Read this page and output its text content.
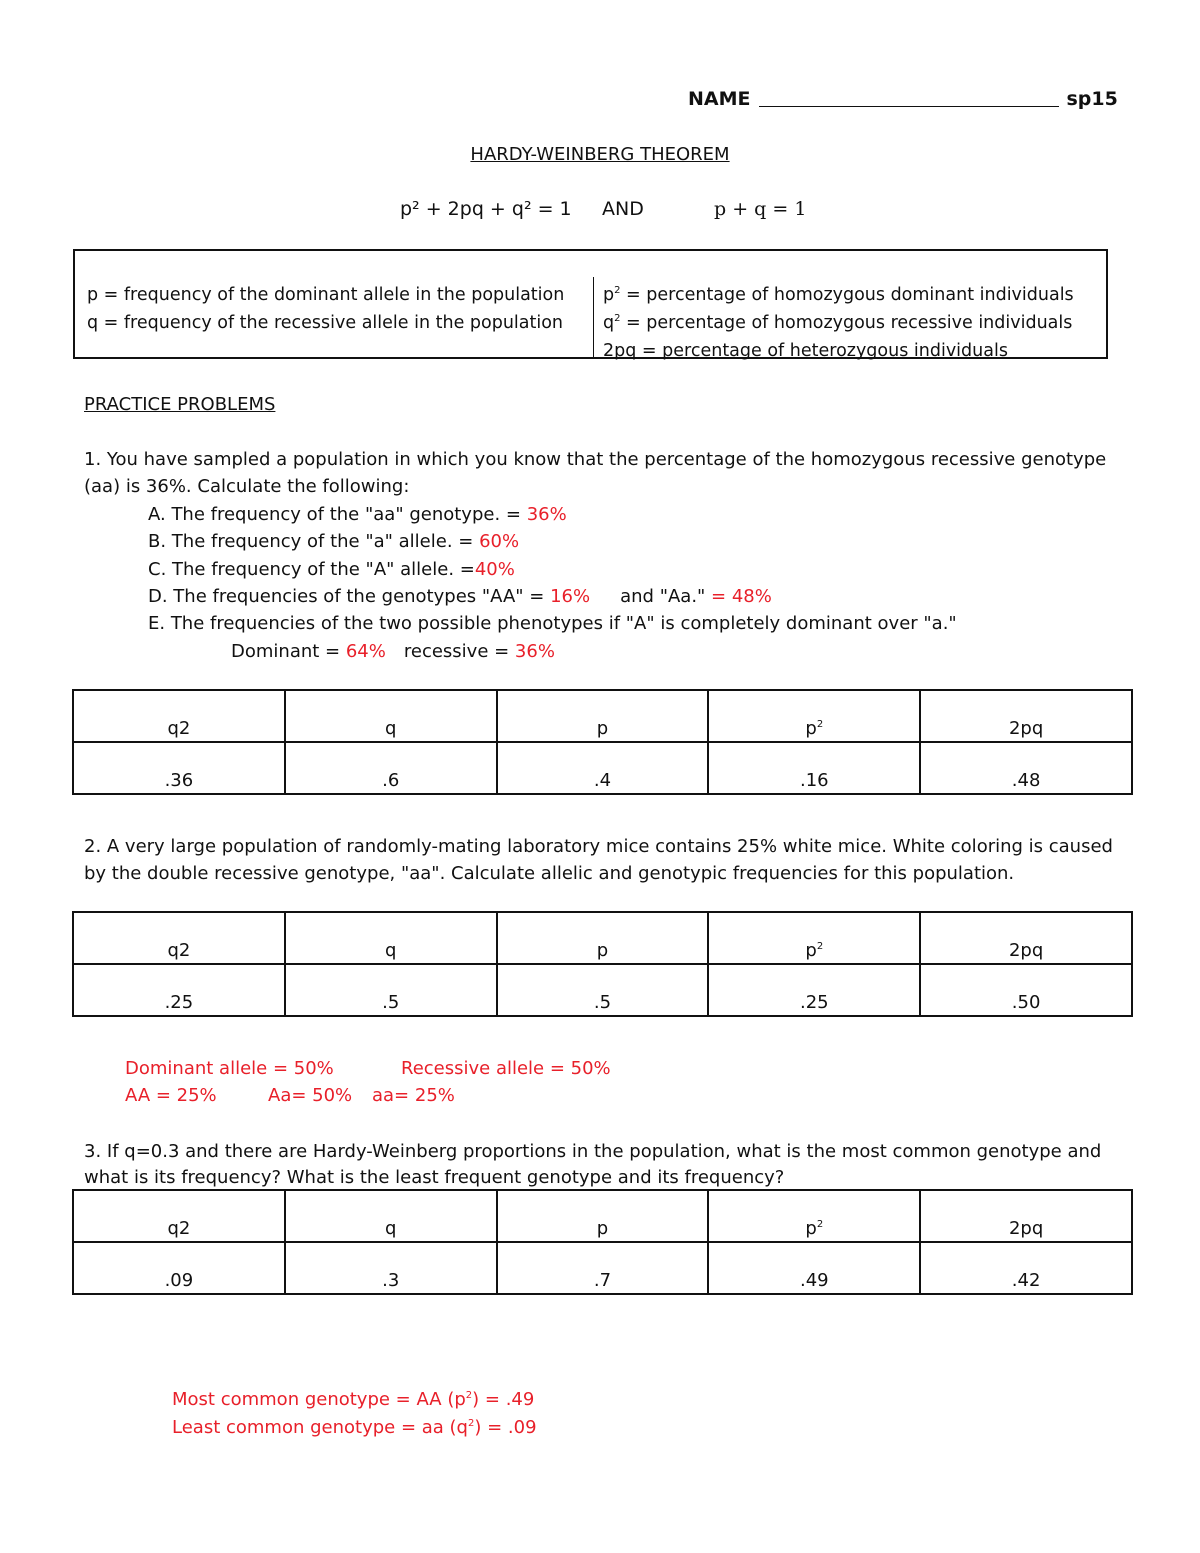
NAME	sp15
HARDY-WEINBERG THEOREM
p² + 2pq + q² = 1 AND	p + q = 1
p = frequency of the dominant allele in the population
q = frequency of the recessive allele in the population
$p^2$ = percentage of homozygous dominant individuals
$q^2$ = percentage of homozygous recessive individuals
2pq = percentage of heterozygous individuals
PRACTICE PROBLEMS
1. You have sampled a population in which you know that the percentage of the homozygous recessive genotype
(aa) is 36%. Calculate the following:
A. The frequency of the "aa" genotype. = 36%
B. The frequency of the "a" allele. = 60%
C. The frequency of the "A" allele. =40%
D. The frequencies of the genotypes "AA" = 16% and "Aa." = 48%
E. The frequencies of the two possible phenotypes if "A" is completely dominant over "a."
Dominant = 64% recessive = 36%
q2	q	p	$p^2$	2pq
.36	.6	.4	.16	.48
2. A very large population of randomly-mating laboratory mice contains 25% white mice. White coloring is caused
by the double recessive genotype, "aa". Calculate allelic and genotypic frequencies for this population.
q2	q	p	$p^2$	2pq
.25	.5	.5	.25	.50
Dominant allele = 50%	Recessive allele = 50%
AA = 25%	Aa= 50% aa= 25%
3. If q=0.3 and there are Hardy-Weinberg proportions in the population, what is the most common genotype and
what is its frequency? What is the least frequent genotype and its frequency?
q2	q	p	$p^2$	2pq
.09	.3	.7	.49	.42
Most common genotype = AA $(p^2) = .49$
Least common genotype = aa $(q^2) = .09$
